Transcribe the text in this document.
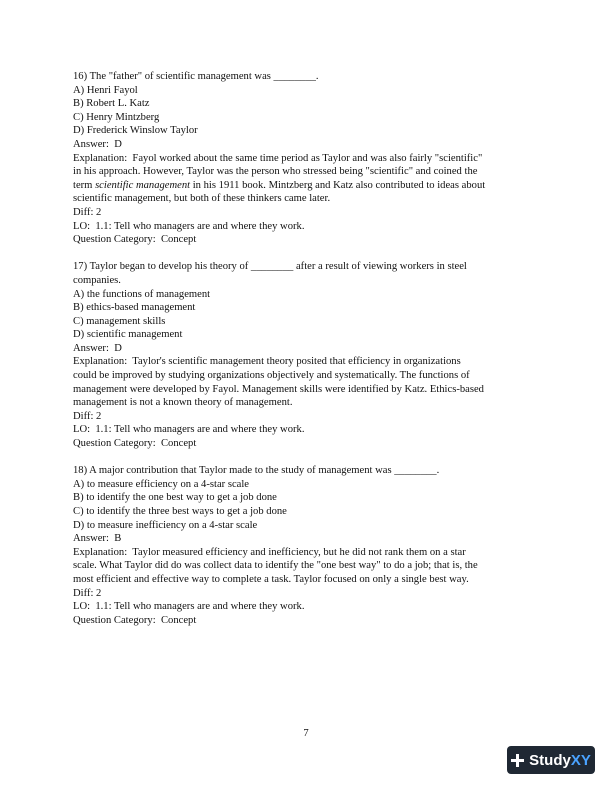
16) The "father" of scientific management was ________.
A) Henri Fayol
B) Robert L. Katz
C) Henry Mintzberg
D) Frederick Winslow Taylor
Answer:  D
Explanation:  Fayol worked about the same time period as Taylor and was also fairly "scientific"
in his approach. However, Taylor was the person who stressed being "scientific" and coined the
term scientific management in his 1911 book. Mintzberg and Katz also contributed to ideas about
scientific management, but both of these thinkers came later.
Diff: 2
LO:  1.1: Tell who managers are and where they work.
Question Category:  Concept
17) Taylor began to develop his theory of ________ after a result of viewing workers in steel
companies.
A) the functions of management
B) ethics-based management
C) management skills
D) scientific management
Answer:  D
Explanation:  Taylor's scientific management theory posited that efficiency in organizations
could be improved by studying organizations objectively and systematically. The functions of
management were developed by Fayol. Management skills were identified by Katz. Ethics-based
management is not a known theory of management.
Diff: 2
LO:  1.1: Tell who managers are and where they work.
Question Category:  Concept
18) A major contribution that Taylor made to the study of management was ________.
A) to measure efficiency on a 4-star scale
B) to identify the one best way to get a job done
C) to identify the three best ways to get a job done
D) to measure inefficiency on a 4-star scale
Answer:  B
Explanation:  Taylor measured efficiency and inefficiency, but he did not rank them on a star
scale. What Taylor did do was collect data to identify the "one best way" to do a job; that is, the
most efficient and effective way to complete a task. Taylor focused on only a single best way.
Diff: 2
LO:  1.1: Tell who managers are and where they work.
Question Category:  Concept
7
StudyXY
